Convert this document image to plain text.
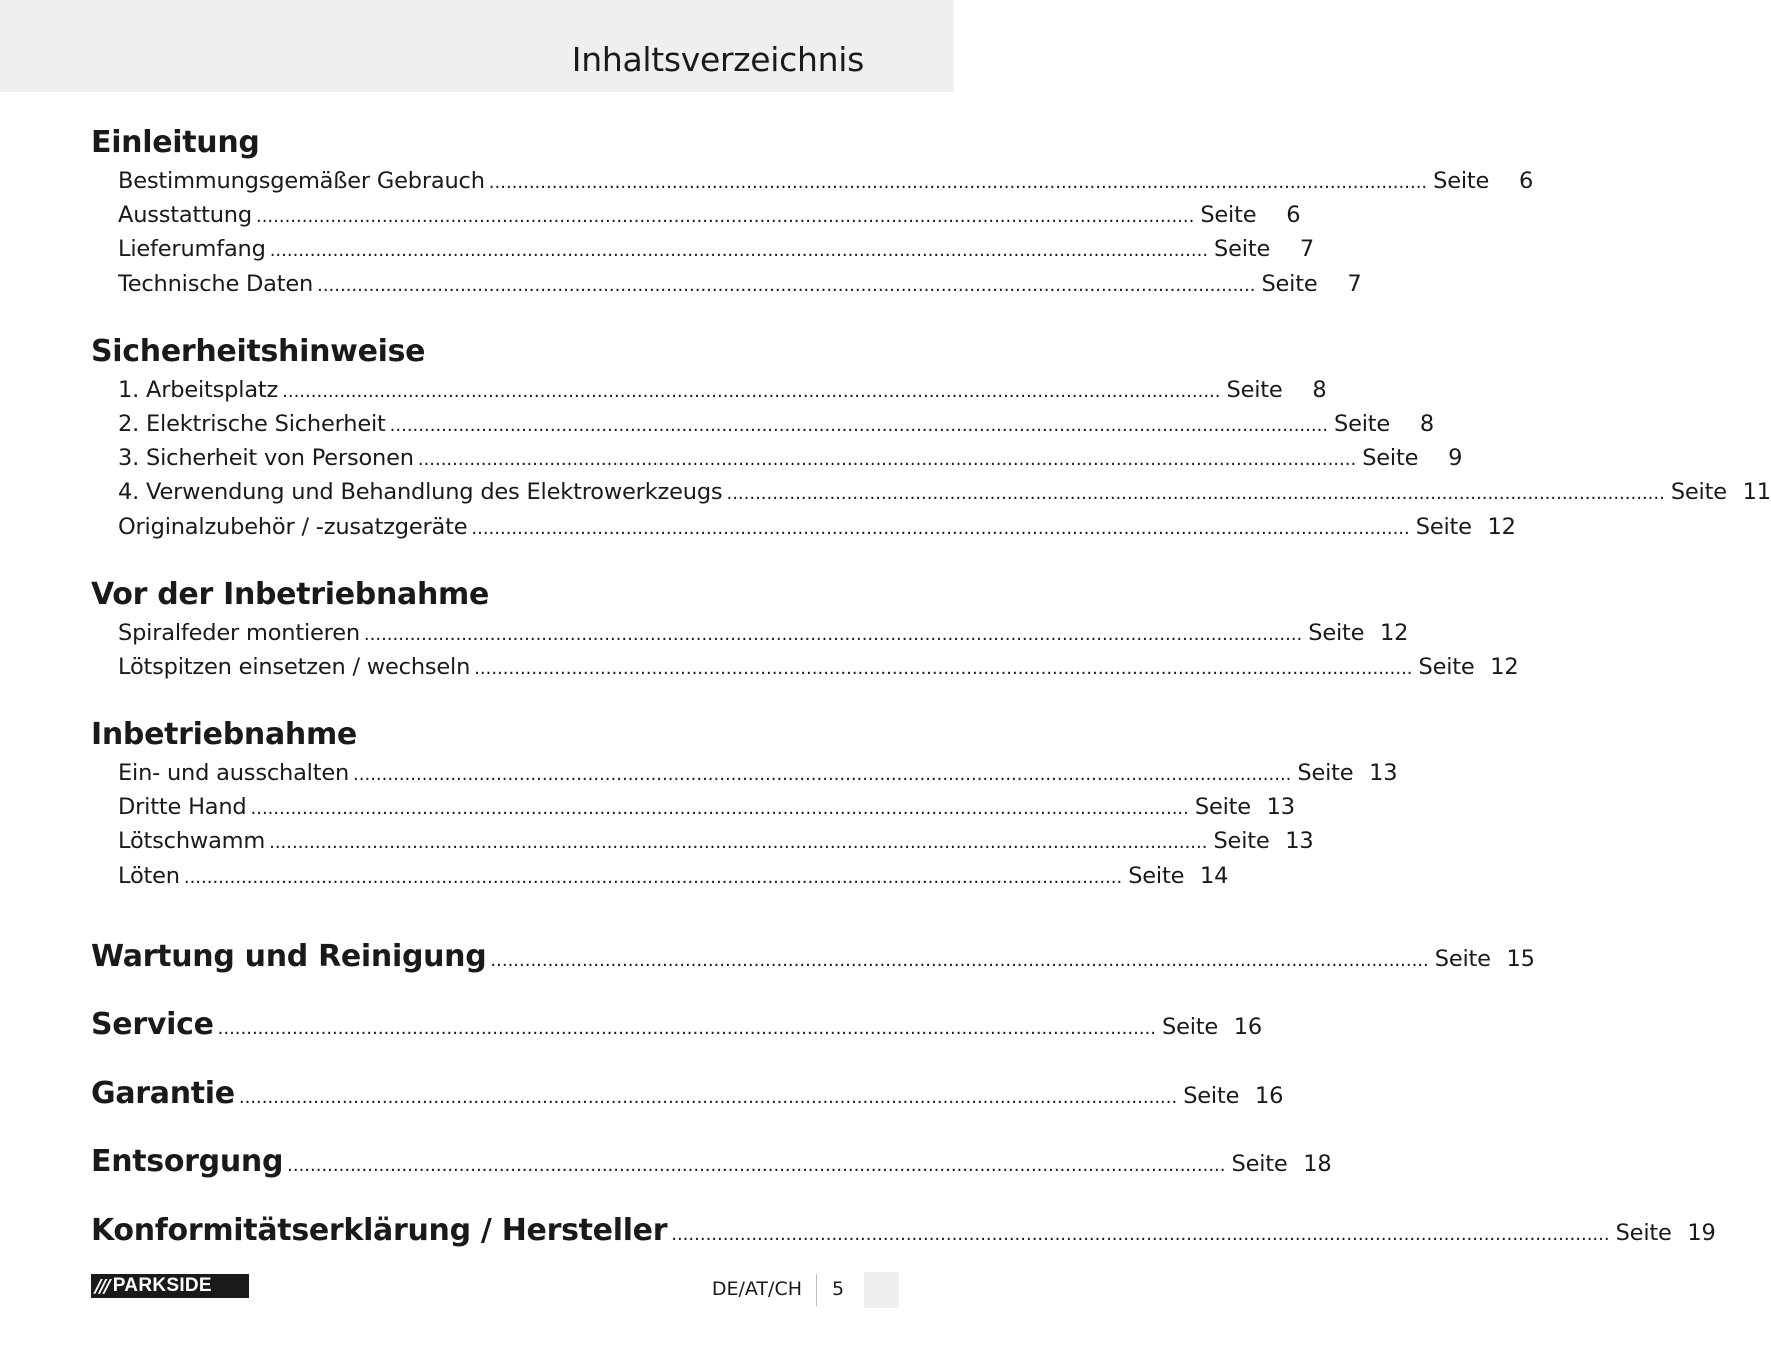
Inhaltsverzeichnis
Einleitung
Bestimmungsgemäßer Gebrauch .................................................................................................................................................................... Seite	6
Ausstattung .................................................................................................................................................................... Seite	6
Lieferumfang .................................................................................................................................................................... Seite	7
Technische Daten .................................................................................................................................................................... Seite	7
Sicherheitshinweise
1. Arbeitsplatz .................................................................................................................................................................... Seite	8
2. Elektrische Sicherheit .................................................................................................................................................................... Seite	8
3. Sicherheit von Personen .................................................................................................................................................................... Seite	9
4. Verwendung und Behandlung des Elektrowerkzeugs .................................................................................................................................................................... Seite 11
Originalzubehör / -zusatzgeräte .................................................................................................................................................................... Seite 12
Vor der Inbetriebnahme
Spiralfeder montieren .................................................................................................................................................................... Seite 12
Lötspitzen einsetzen / wechseln .................................................................................................................................................................... Seite 12
Inbetriebnahme
Ein- und ausschalten .................................................................................................................................................................... Seite 13
Dritte Hand .................................................................................................................................................................... Seite 13
Lötschwamm .................................................................................................................................................................... Seite 13
Löten .................................................................................................................................................................... Seite 14
Wartung und Reinigung .................................................................................................................................................................... Seite 15
Service .................................................................................................................................................................... Seite 16
Garantie .................................................................................................................................................................... Seite 16
Entsorgung .................................................................................................................................................................... Seite 18
Konformitätserklärung / Hersteller .................................................................................................................................................................... Seite 19
/// PARKSIDE	DE/AT/CH 5
